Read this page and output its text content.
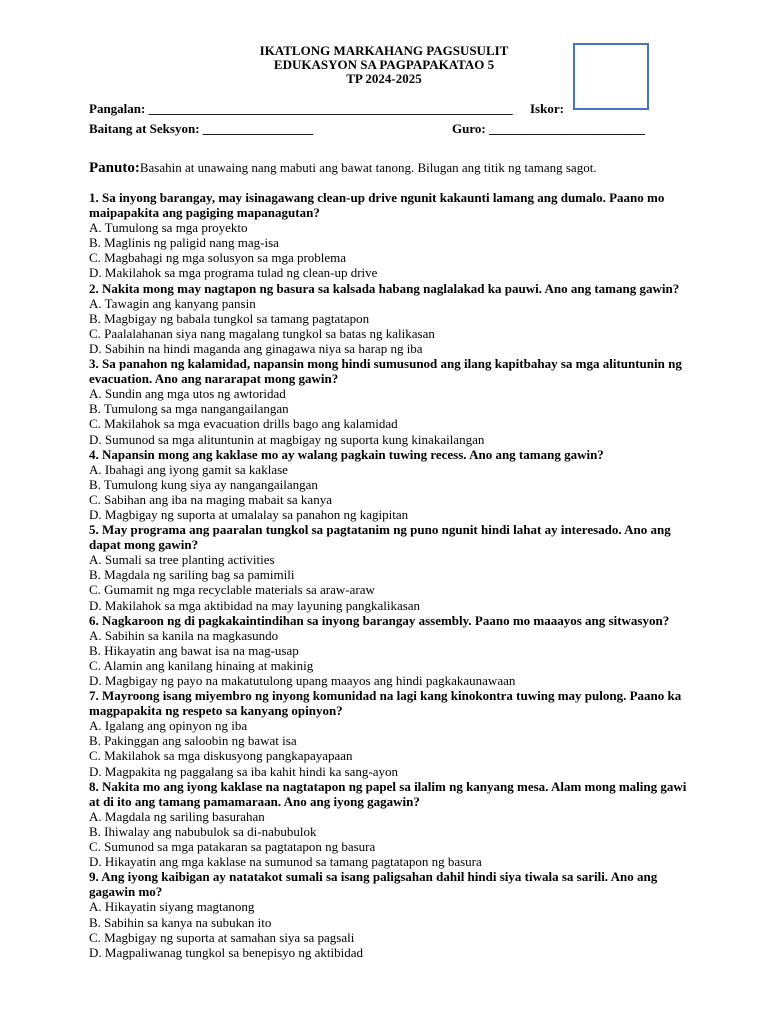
IKATLONG MARKAHANG PAGSUSULIT
EDUKASYON SA PAGPAPAKATAO 5
TP 2024-2025
Pangalan: ________________________________________________________ Iskor:
Baitang at Seksyon: _________________	Guro: ________________________
Panuto:Basahin at unawaing nang mabuti ang bawat tanong. Bilugan ang titik ng tamang sagot.
1. Sa inyong barangay, may isinagawang clean-up drive ngunit kakaunti lamang ang dumalo. Paano mo maipapakita ang pagiging mapanagutan?
A. Tumulong sa mga proyekto
B. Maglinis ng paligid nang mag-isa
C. Magbahagi ng mga solusyon sa mga problema
D. Makilahok sa mga programa tulad ng clean-up drive
2. Nakita mong may nagtapon ng basura sa kalsada habang naglalakad ka pauwi. Ano ang tamang gawin?
A. Tawagin ang kanyang pansin
B. Magbigay ng babala tungkol sa tamang pagtatapon
C. Paalalahanan siya nang magalang tungkol sa batas ng kalikasan
D. Sabihin na hindi maganda ang ginagawa niya sa harap ng iba
3. Sa panahon ng kalamidad, napansin mong hindi sumusunod ang ilang kapitbahay sa mga alituntunin ng evacuation. Ano ang nararapat mong gawin?
A. Sundin ang mga utos ng awtoridad
B. Tumulong sa mga nangangailangan
C. Makilahok sa mga evacuation drills bago ang kalamidad
D. Sumunod sa mga alituntunin at magbigay ng suporta kung kinakailangan
4. Napansin mong ang kaklase mo ay walang pagkain tuwing recess. Ano ang tamang gawin?
A. Ibahagi ang iyong gamit sa kaklase
B. Tumulong kung siya ay nangangailangan
C. Sabihan ang iba na maging mabait sa kanya
D. Magbigay ng suporta at umalalay sa panahon ng kagipitan
5. May programa ang paaralan tungkol sa pagtatanim ng puno ngunit hindi lahat ay interesado. Ano ang dapat mong gawin?
A. Sumali sa tree planting activities
B. Magdala ng sariling bag sa pamimili
C. Gumamit ng mga recyclable materials sa araw-araw
D. Makilahok sa mga aktibidad na may layuning pangkalikasan
6. Nagkaroon ng di pagkakaintindihan sa inyong barangay assembly. Paano mo maaayos ang sitwasyon?
A. Sabihin sa kanila na magkasundo
B. Hikayatin ang bawat isa na mag-usap
C. Alamin ang kanilang hinaing at makinig
D. Magbigay ng payo na makatutulong upang maayos ang hindi pagkakaunawaan
7. Mayroong isang miyembro ng inyong komunidad na lagi kang kinokontra tuwing may pulong. Paano ka magpapakita ng respeto sa kanyang opinyon?
A. Igalang ang opinyon ng iba
B. Pakinggan ang saloobin ng bawat isa
C. Makilahok sa mga diskusyong pangkapayapaan
D. Magpakita ng paggalang sa iba kahit hindi ka sang-ayon
8. Nakita mo ang iyong kaklase na nagtatapon ng papel sa ilalim ng kanyang mesa. Alam mong maling gawi at di ito ang tamang pamamaraan. Ano ang iyong gagawin?
A. Magdala ng sariling basurahan
B. Ihiwalay ang nabubulok sa di-nabubulok
C. Sumunod sa mga patakaran sa pagtatapon ng basura
D. Hikayatin ang mga kaklase na sumunod sa tamang pagtatapon ng basura
9. Ang iyong kaibigan ay natatakot sumali sa isang paligsahan dahil hindi siya tiwala sa sarili. Ano ang gagawin mo?
A. Hikayatin siyang magtanong
B. Sabihin sa kanya na subukan ito
C. Magbigay ng suporta at samahan siya sa pagsali
D. Magpaliwanag tungkol sa benepisyo ng aktibidad
